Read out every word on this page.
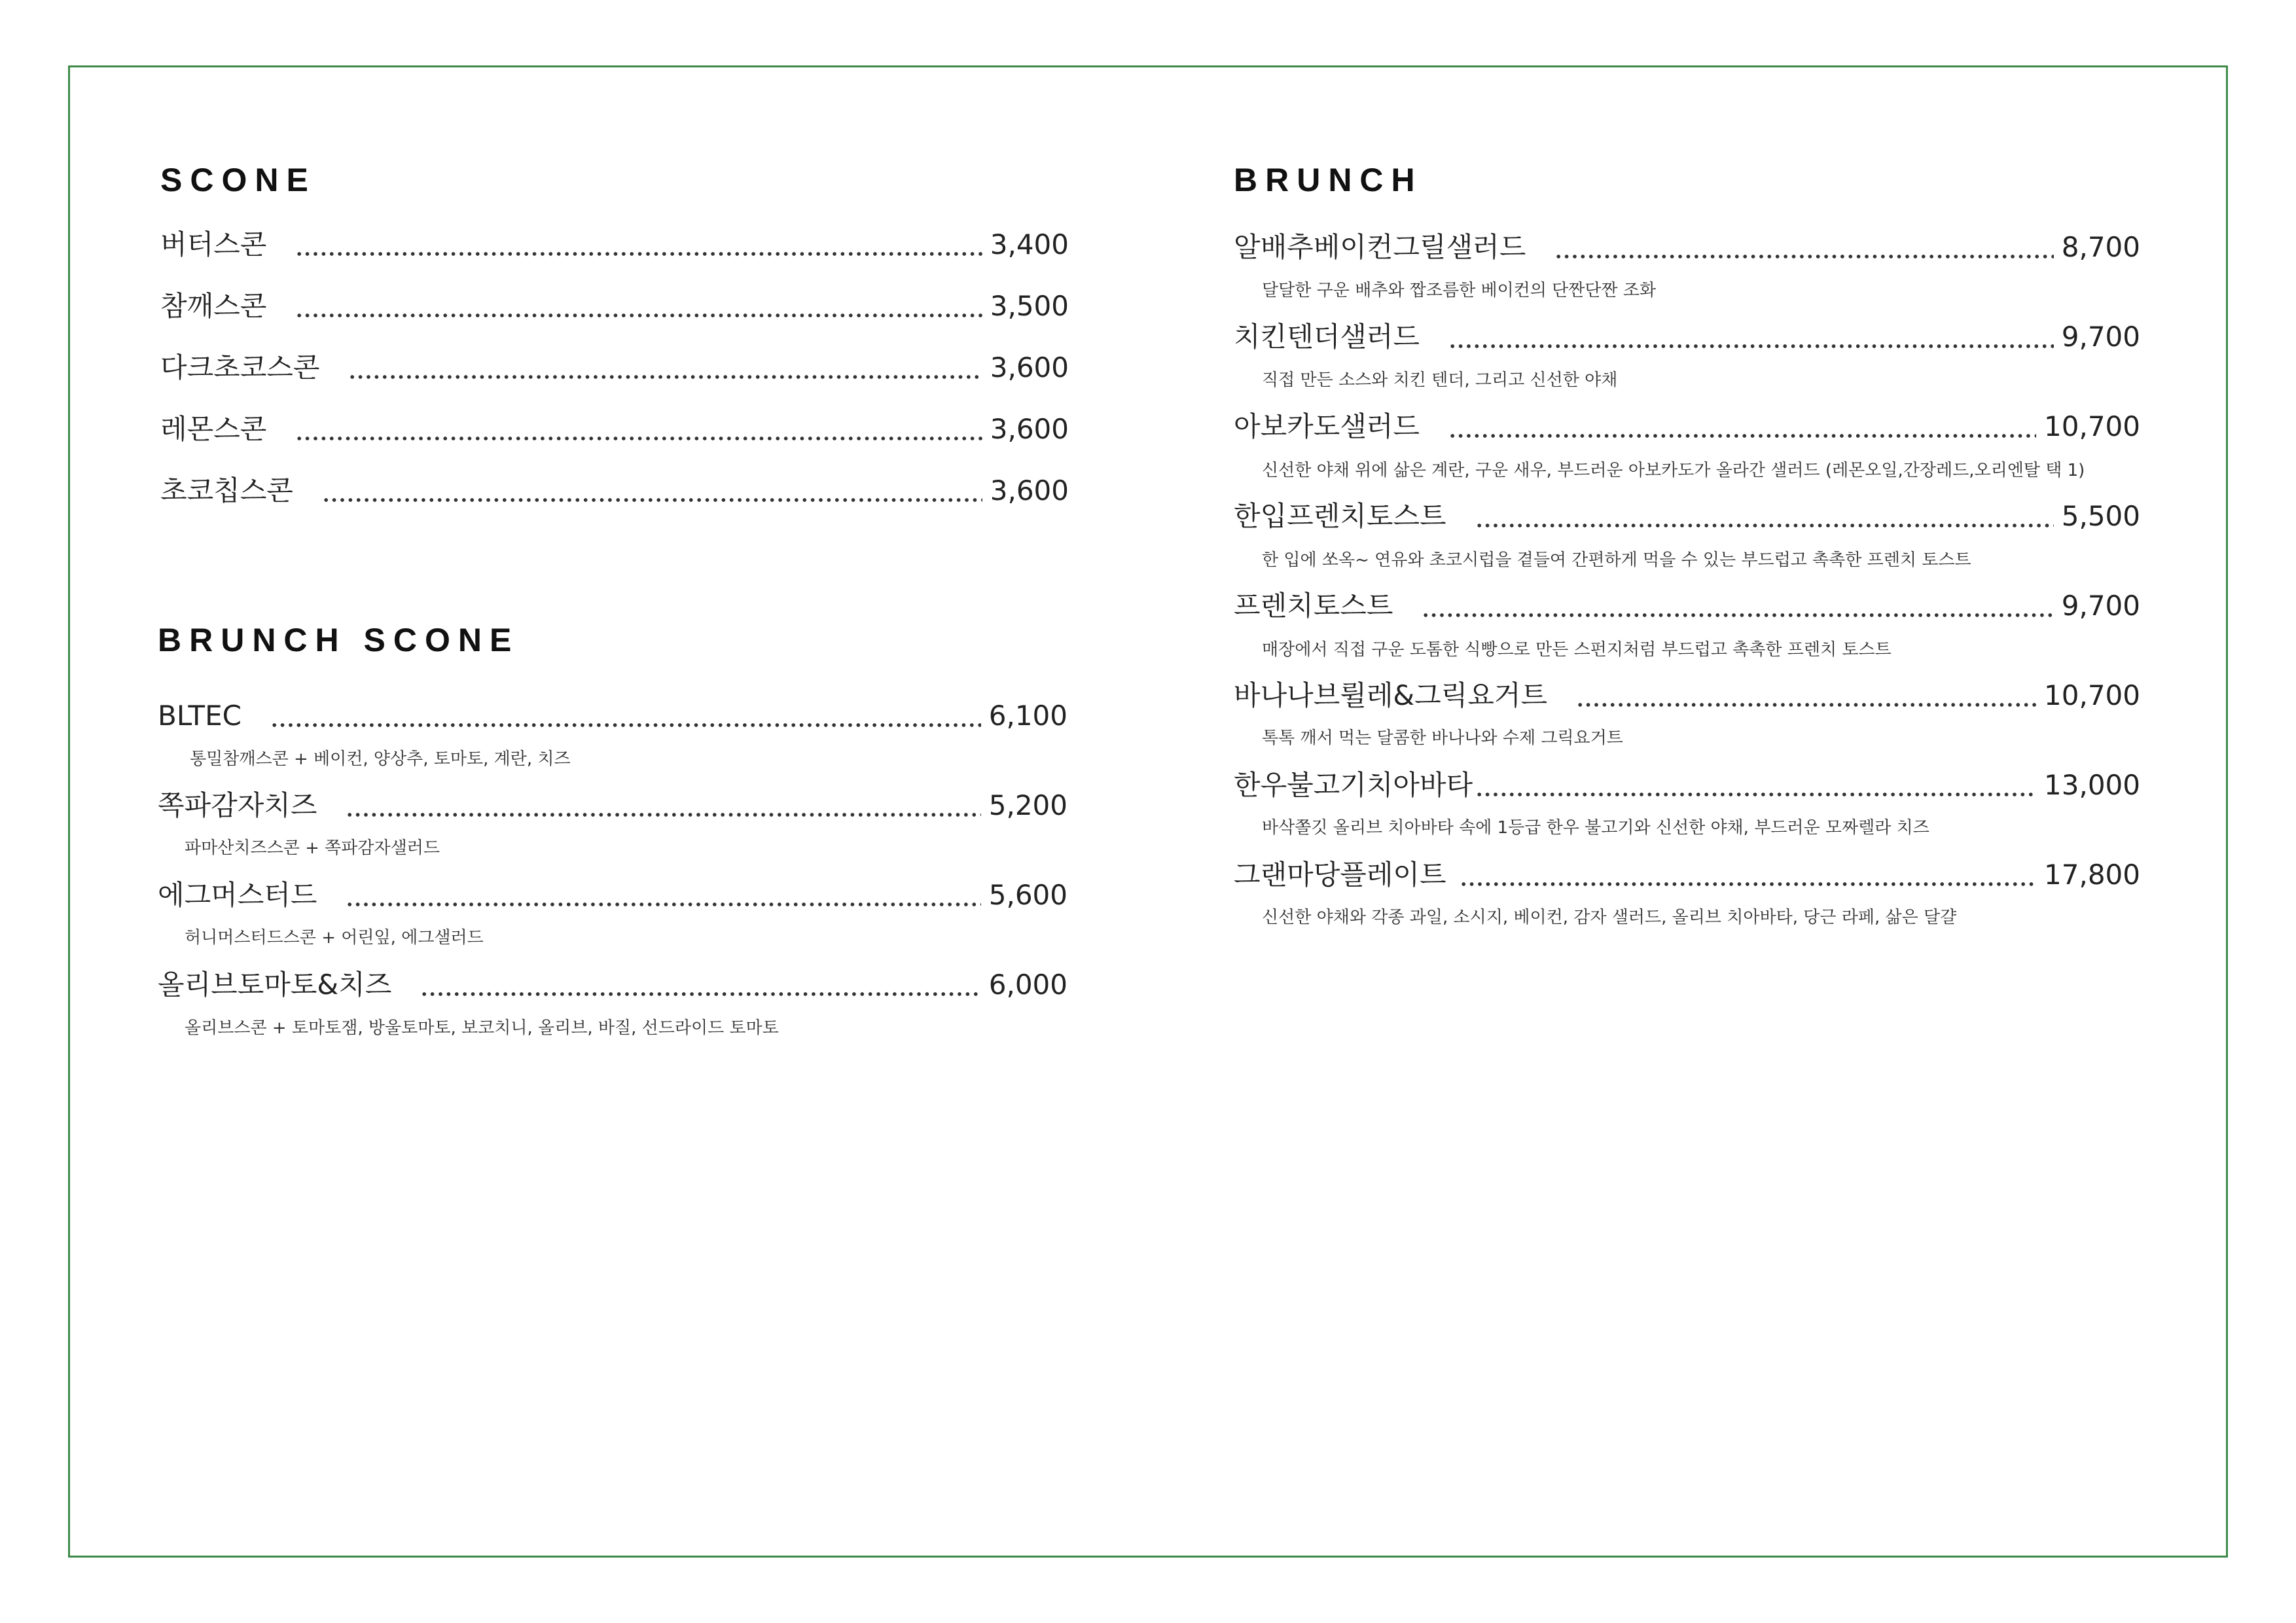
SCONE
버터스콘	3,400
참깨스콘	3,500
다크초코스콘	3,600
레몬스콘	3,600
초코칩스콘	3,600
BRUNCH SCONE
BLTEC	6,100
통밀참깨스콘 + 베이컨, 양상추, 토마토, 계란, 치즈
쪽파감자치즈	5,200
파마산치즈스콘 + 쪽파감자샐러드
에그머스터드	5,600
허니머스터드스콘 + 어린잎, 에그샐러드
올리브토마토&치즈	6,000
올리브스콘 + 토마토잼, 방울토마토, 보코치니, 올리브, 바질, 선드라이드 토마토
BRUNCH
알배추베이컨그릴샐러드	8,700
달달한 구운 배추와 짭조름한 베이컨의 단짠단짠 조화
치킨텐더샐러드	9,700
직접 만든 소스와 치킨 텐더, 그리고 신선한 야채
아보카도샐러드	10,700
신선한 야채 위에 삶은 계란, 구운 새우, 부드러운 아보카도가 올라간 샐러드 (레몬오일,간장레드,오리엔탈 택 1)
한입프렌치토스트	5,500
한 입에 쏘옥~ 연유와 초코시럽을 곁들여 간편하게 먹을 수 있는 부드럽고 촉촉한 프렌치 토스트
프렌치토스트	9,700
매장에서 직접 구운 도톰한 식빵으로 만든 스펀지처럼 부드럽고 촉촉한 프렌치 토스트
바나나브륄레&그릭요거트	10,700
톡톡 깨서 먹는 달콤한 바나나와 수제 그릭요거트
한우불고기치아바타	13,000
바삭쫄깃 올리브 치아바타 속에 1등급 한우 불고기와 신선한 야채, 부드러운 모짜렐라 치즈
그랜마당플레이트	17,800
신선한 야채와 각종 과일, 소시지, 베이컨, 감자 샐러드, 올리브 치아바타, 당근 라페, 삶은 달걀
